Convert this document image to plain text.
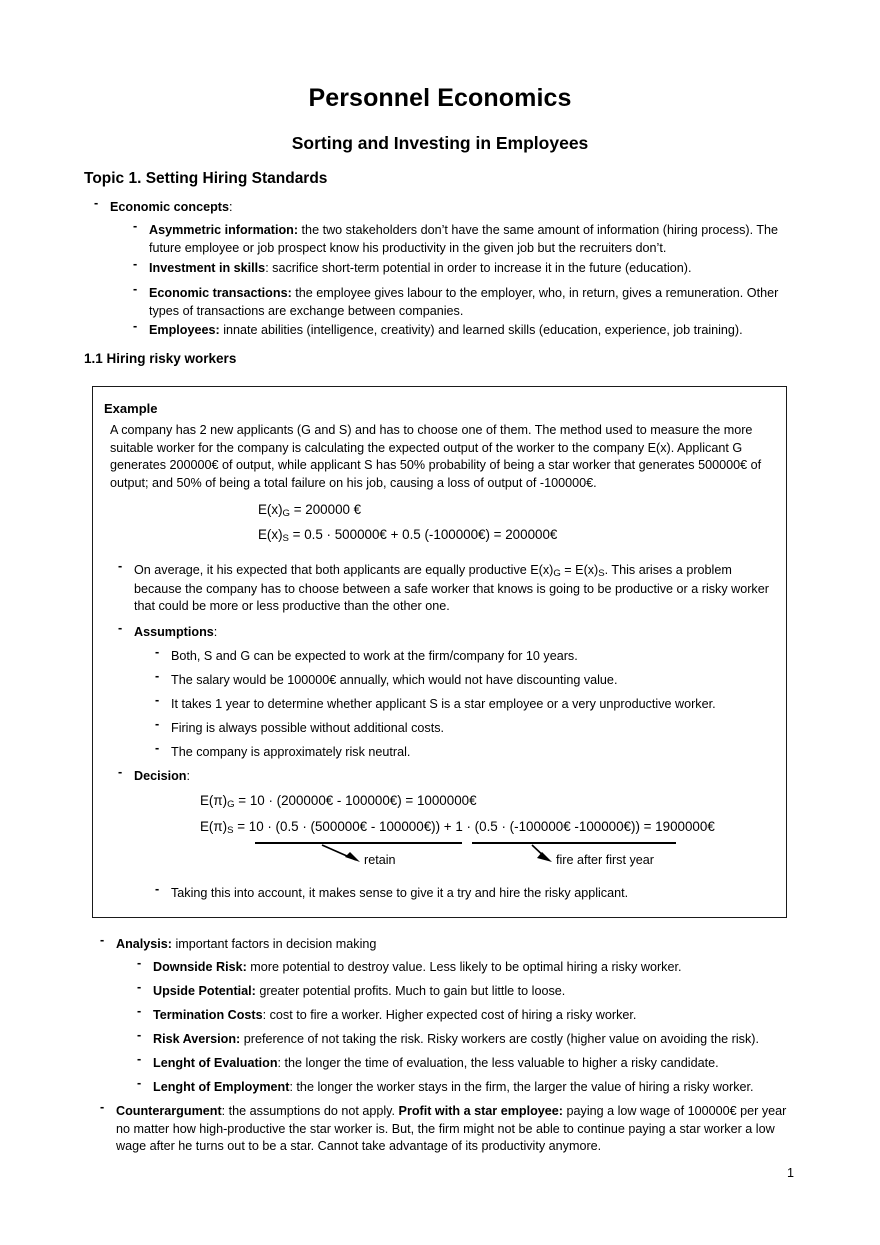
Personnel Economics
Sorting and Investing in Employees
Topic 1. Setting Hiring Standards
- Economic concepts:
- Asymmetric information: the two stakeholders don’t have the same amount of information (hiring process). The future employee or job prospect know his productivity in the given job but the recruiters don’t.
- Investment in skills: sacrifice short-term potential in order to increase it in the future (education).
- Economic transactions: the employee gives labour to the employer, who, in return, gives a remuneration. Other types of transactions are exchange between companies.
- Employees: innate abilities (intelligence, creativity) and learned skills (education, experience, job training).
1.1 Hiring risky workers
Example
A company has 2 new applicants (G and S) and has to choose one of them. The method used to measure the more suitable worker for the company is calculating the expected output of the worker to the company E(x). Applicant G generates 200000€ of output, while applicant S has 50% probability of being a star worker that generates 500000€ of output; and 50% of being a total failure on his job, causing a loss of output of -100000€.
E(x)G = 200000 €
E(x)S = 0.5 · 500000€ + 0.5 (-100000€) = 200000€
- On average, it his expected that both applicants are equally productive E(x)G = E(x)S. This arises a problem because the company has to choose between a safe worker that knows is going to be productive or a risky worker that could be more or less productive than the other one.
- Assumptions:
- Both, S and G can be expected to work at the firm/company for 10 years.
- The salary would be 100000€ annually, which would not have discounting value.
- It takes 1 year to determine whether applicant S is a star employee or a very unproductive worker.
- Firing is always possible without additional costs.
- The company is approximately risk neutral.
- Decision:
E(π)G = 10 · (200000€ - 100000€) = 1000000€
E(π)S = 10 · (0.5 · (500000€ - 100000€)) + 1 · (0.5 · (-100000€ -100000€)) = 1900000€
retain	fire after first year
- Taking this into account, it makes sense to give it a try and hire the risky applicant.
- Analysis: important factors in decision making
- Downside Risk: more potential to destroy value. Less likely to be optimal hiring a risky worker.
- Upside Potential: greater potential profits. Much to gain but little to loose.
- Termination Costs: cost to fire a worker. Higher expected cost of hiring a risky worker.
- Risk Aversion: preference of not taking the risk. Risky workers are costly (higher value on avoiding the risk).
- Lenght of Evaluation: the longer the time of evaluation, the less valuable to higher a risky candidate.
- Lenght of Employment: the longer the worker stays in the firm, the larger the value of hiring a risky worker.
- Counterargument: the assumptions do not apply. Profit with a star employee: paying a low wage of 100000€ per year no matter how high-productive the star worker is. But, the firm might not be able to continue paying a star worker a low wage after he turns out to be a star. Cannot take advantage of its productivity anymore.
1
